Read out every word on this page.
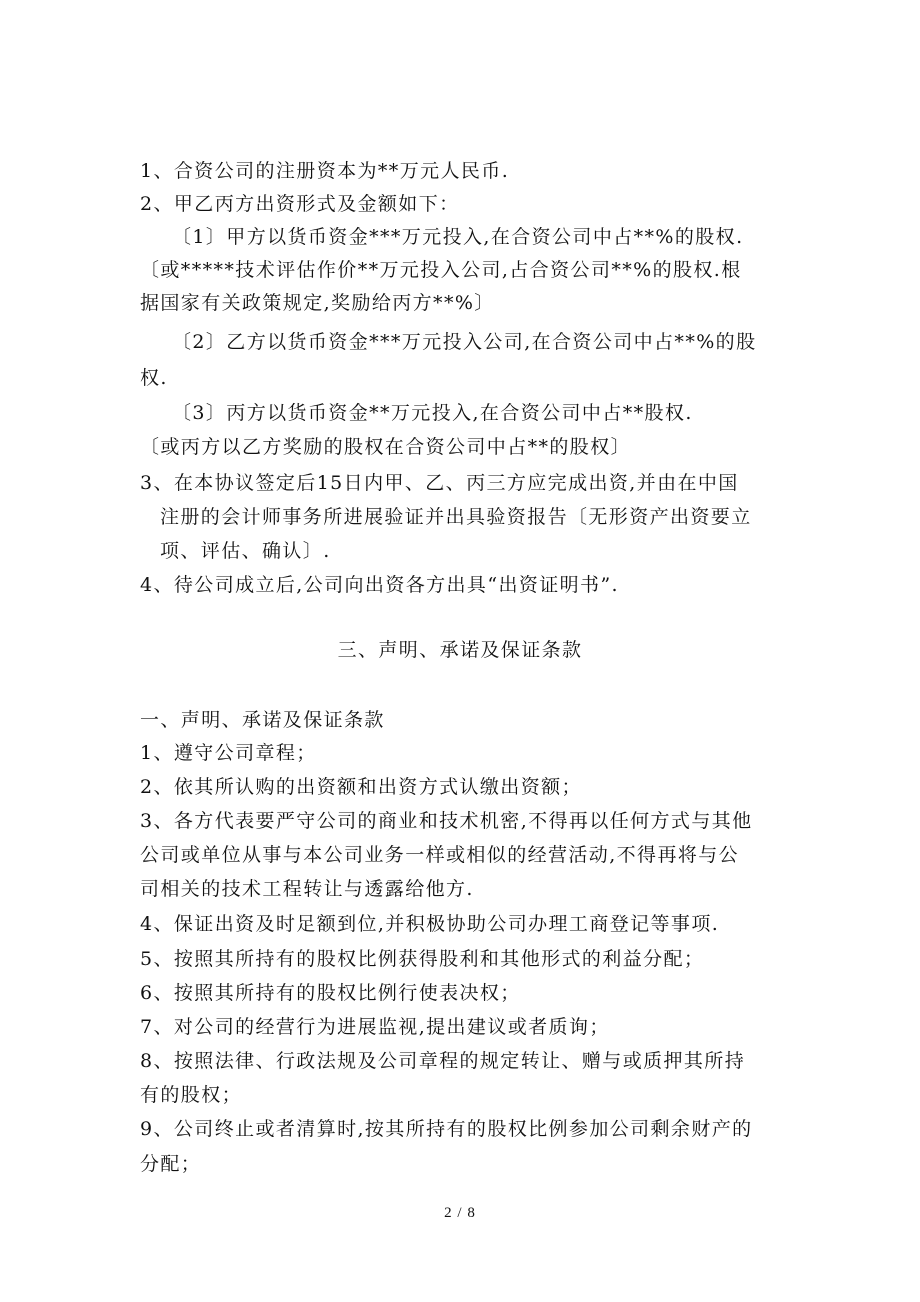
1、合资公司的注册资本为**万元人民币.
2、甲乙丙方出资形式及金额如下：
〔1〕甲方以货币资金***万元投入,在合资公司中占**%的股权.
〔或*****技术评估作价**万元投入公司,占合资公司**%的股权.根
据国家有关政策规定,奖励给丙方**%〕
〔2〕乙方以货币资金***万元投入公司,在合资公司中占**%的股
权.
〔3〕丙方以货币资金**万元投入,在合资公司中占**股权.
〔或丙方以乙方奖励的股权在合资公司中占**的股权〕
3、在本协议签定后15日内甲、乙、丙三方应完成出资,并由在中国
注册的会计师事务所进展验证并出具验资报告〔无形资产出资要立
项、评估、确认〕.
4、待公司成立后,公司向出资各方出具“出资证明书”.
三、声明、承诺及保证条款
一、声明、承诺及保证条款
1、遵守公司章程；
2、依其所认购的出资额和出资方式认缴出资额；
3、各方代表要严守公司的商业和技术机密,不得再以任何方式与其他
公司或单位从事与本公司业务一样或相似的经营活动,不得再将与公
司相关的技术工程转让与透露给他方.
4、保证出资及时足额到位,并积极协助公司办理工商登记等事项.
5、按照其所持有的股权比例获得股利和其他形式的利益分配；
6、按照其所持有的股权比例行使表决权；
7、对公司的经营行为进展监视,提出建议或者质询；
8、按照法律、行政法规及公司章程的规定转让、赠与或质押其所持
有的股权；
9、公司终止或者清算时,按其所持有的股权比例参加公司剩余财产的
分配；
2 / 8
